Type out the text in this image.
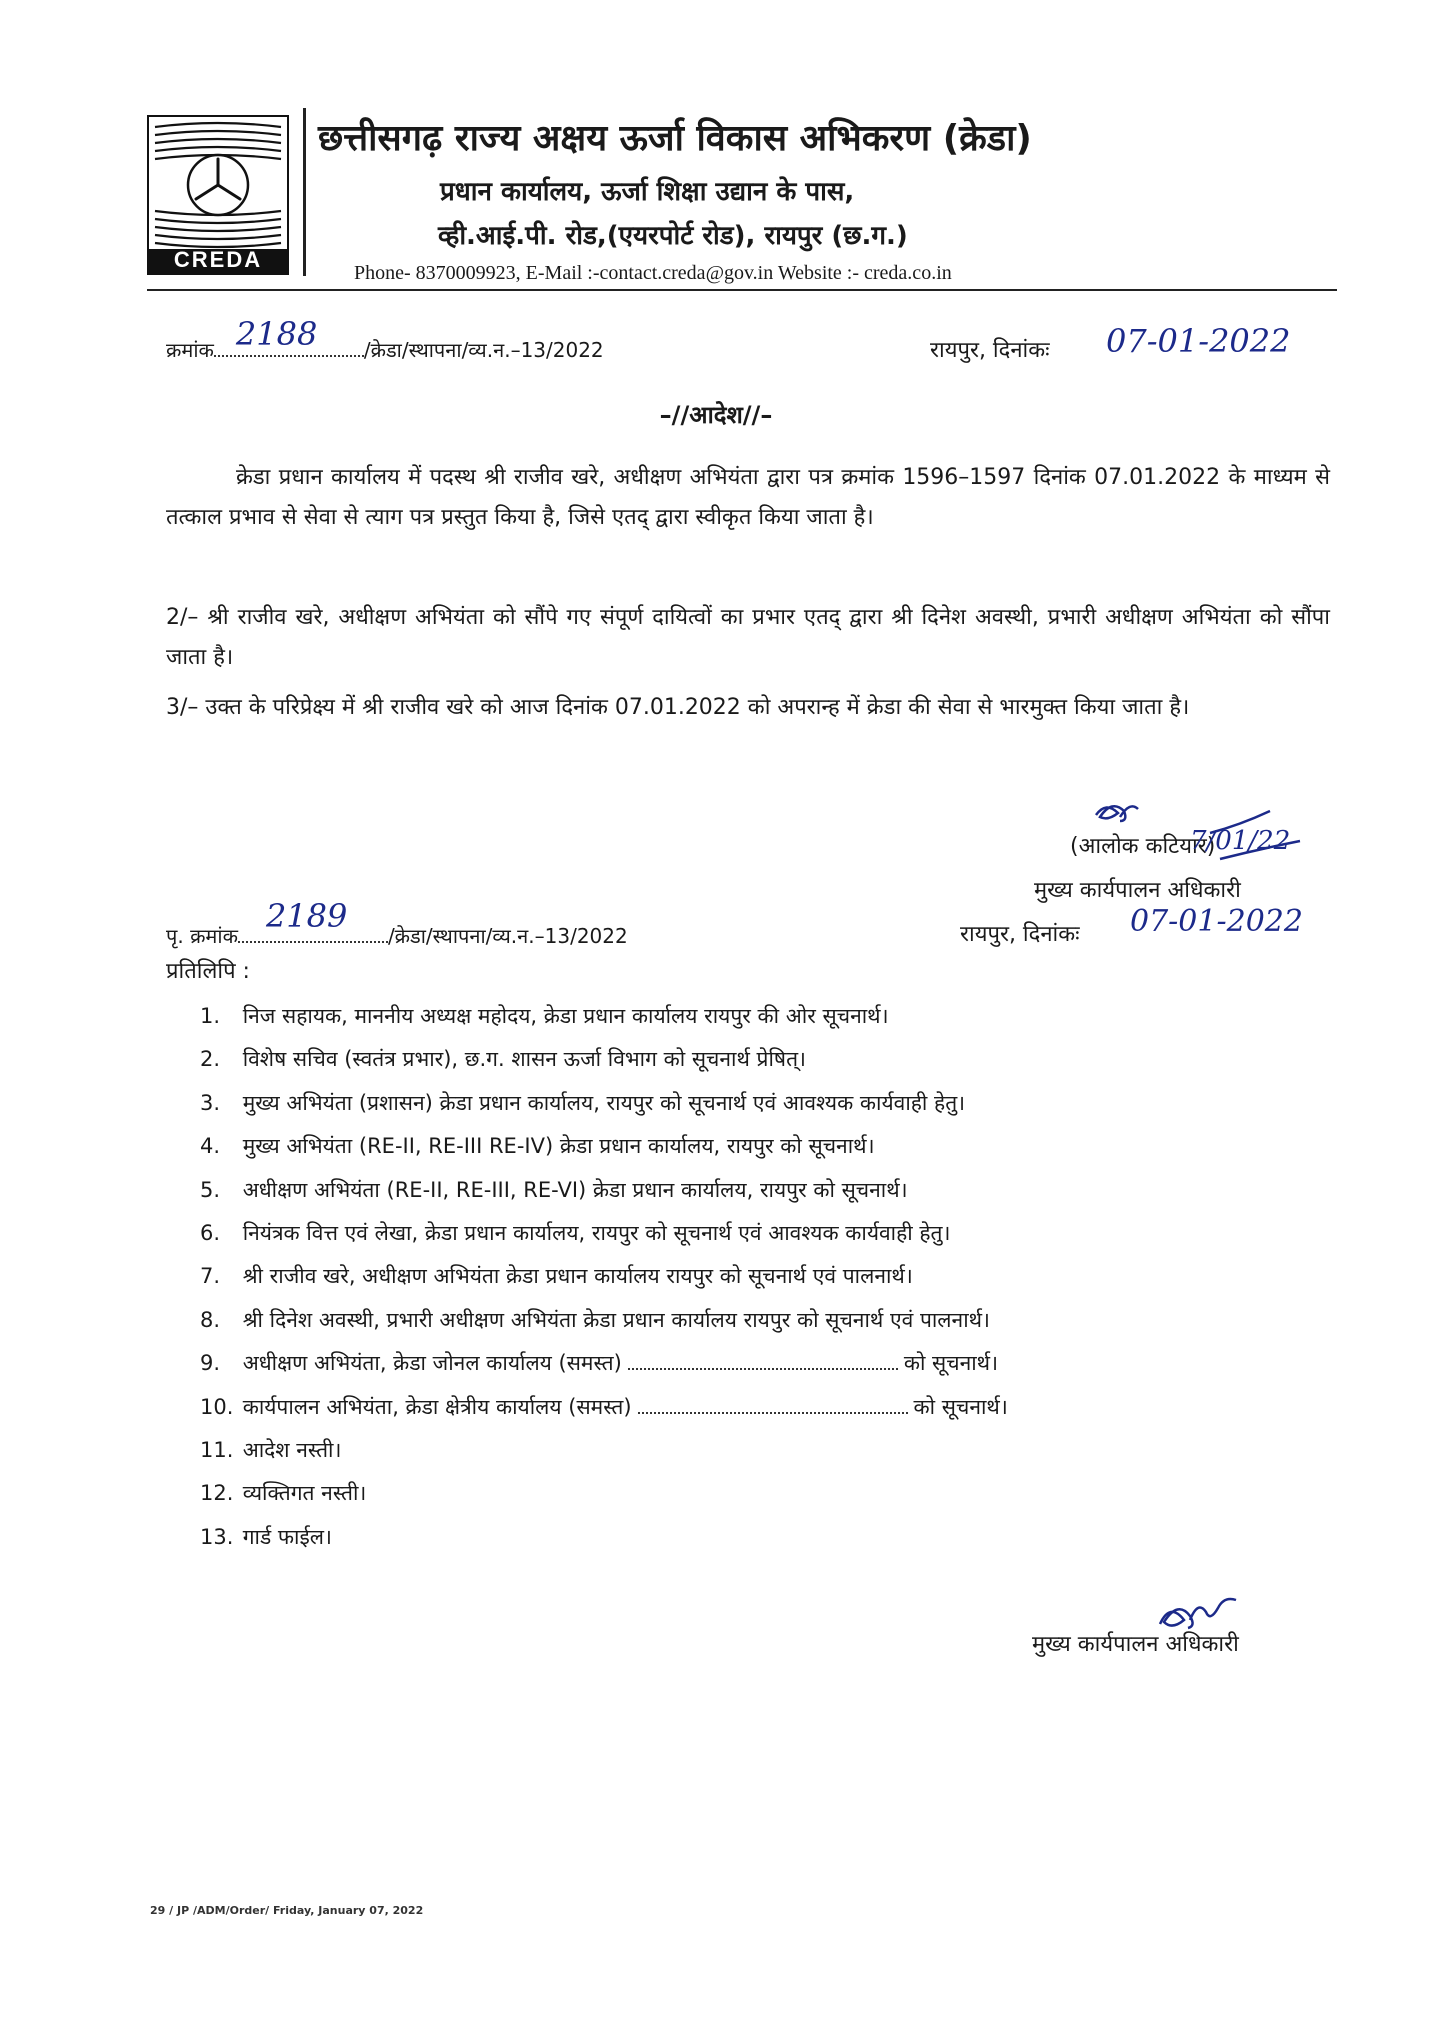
CREDA
छत्तीसगढ़ राज्य अक्षय ऊर्जा विकास अभिकरण (क्रेडा)
प्रधान कार्यालय, ऊर्जा शिक्षा उद्यान के पास,
व्ही.आई.पी. रोड,(एयरपोर्ट रोड), रायपुर (छ.ग.)
Phone- 8370009923, E-Mail :-contact.creda@gov.in Website :- creda.co.in
क्रमांक 2188 /क्रेडा/स्थापना/व्य.न.–13/2022	रायपुर, दिनांकः 07-01-2022
–//आदेश//–
क्रेडा प्रधान कार्यालय में पदस्थ श्री राजीव खरे, अधीक्षण अभियंता द्वारा पत्र क्रमांक 1596–1597 दिनांक 07.01.2022 के माध्यम से तत्काल प्रभाव से सेवा से त्याग पत्र प्रस्तुत किया है, जिसे एतद् द्वारा स्वीकृत किया जाता है।
2/– श्री राजीव खरे, अधीक्षण अभियंता को सौंपे गए संपूर्ण दायित्वों का प्रभार एतद् द्वारा श्री दिनेश अवस्थी, प्रभारी अधीक्षण अभियंता को सौंपा जाता है।
3/– उक्त के परिप्रेक्ष्य में श्री राजीव खरे को आज दिनांक 07.01.2022 को अपरान्ह में क्रेडा की सेवा से भारमुक्त किया जाता है।
(आलोक कटियार)
7/01/22
मुख्य कार्यपालन अधिकारी
पृ. क्रमांक
2189
/क्रेडा/स्थापना/व्य.न.–13/2022	रायपुर, दिनांकः 07-01-2022
प्रतिलिपि :
1. निज सहायक, माननीय अध्यक्ष महोदय, क्रेडा प्रधान कार्यालय रायपुर की ओर सूचनार्थ।
2. विशेष सचिव (स्वतंत्र प्रभार), छ.ग. शासन ऊर्जा विभाग को सूचनार्थ प्रेषित्।
3. मुख्य अभियंता (प्रशासन) क्रेडा प्रधान कार्यालय, रायपुर को सूचनार्थ एवं आवश्यक कार्यवाही हेतु।
4. मुख्य अभियंता (RE-II, RE-III RE-IV) क्रेडा प्रधान कार्यालय, रायपुर को सूचनार्थ।
5. अधीक्षण अभियंता (RE-II, RE-III, RE-VI) क्रेडा प्रधान कार्यालय, रायपुर को सूचनार्थ।
6. नियंत्रक वित्त एवं लेखा, क्रेडा प्रधान कार्यालय, रायपुर को सूचनार्थ एवं आवश्यक कार्यवाही हेतु।
7. श्री राजीव खरे, अधीक्षण अभियंता क्रेडा प्रधान कार्यालय रायपुर को सूचनार्थ एवं पालनार्थ।
8. श्री दिनेश अवस्थी, प्रभारी अधीक्षण अभियंता क्रेडा प्रधान कार्यालय रायपुर को सूचनार्थ एवं पालनार्थ।
9. अधीक्षण अभियंता, क्रेडा जोनल कार्यालय (समस्त)	को सूचनार्थ।
10. कार्यपालन अभियंता, क्रेडा क्षेत्रीय कार्यालय (समस्त)	को सूचनार्थ।
11. आदेश नस्ती।
12. व्यक्तिगत नस्ती।
13. गार्ड फाईल।
मुख्य कार्यपालन अधिकारी
29 / JP /ADM/Order/ Friday, January 07, 2022
